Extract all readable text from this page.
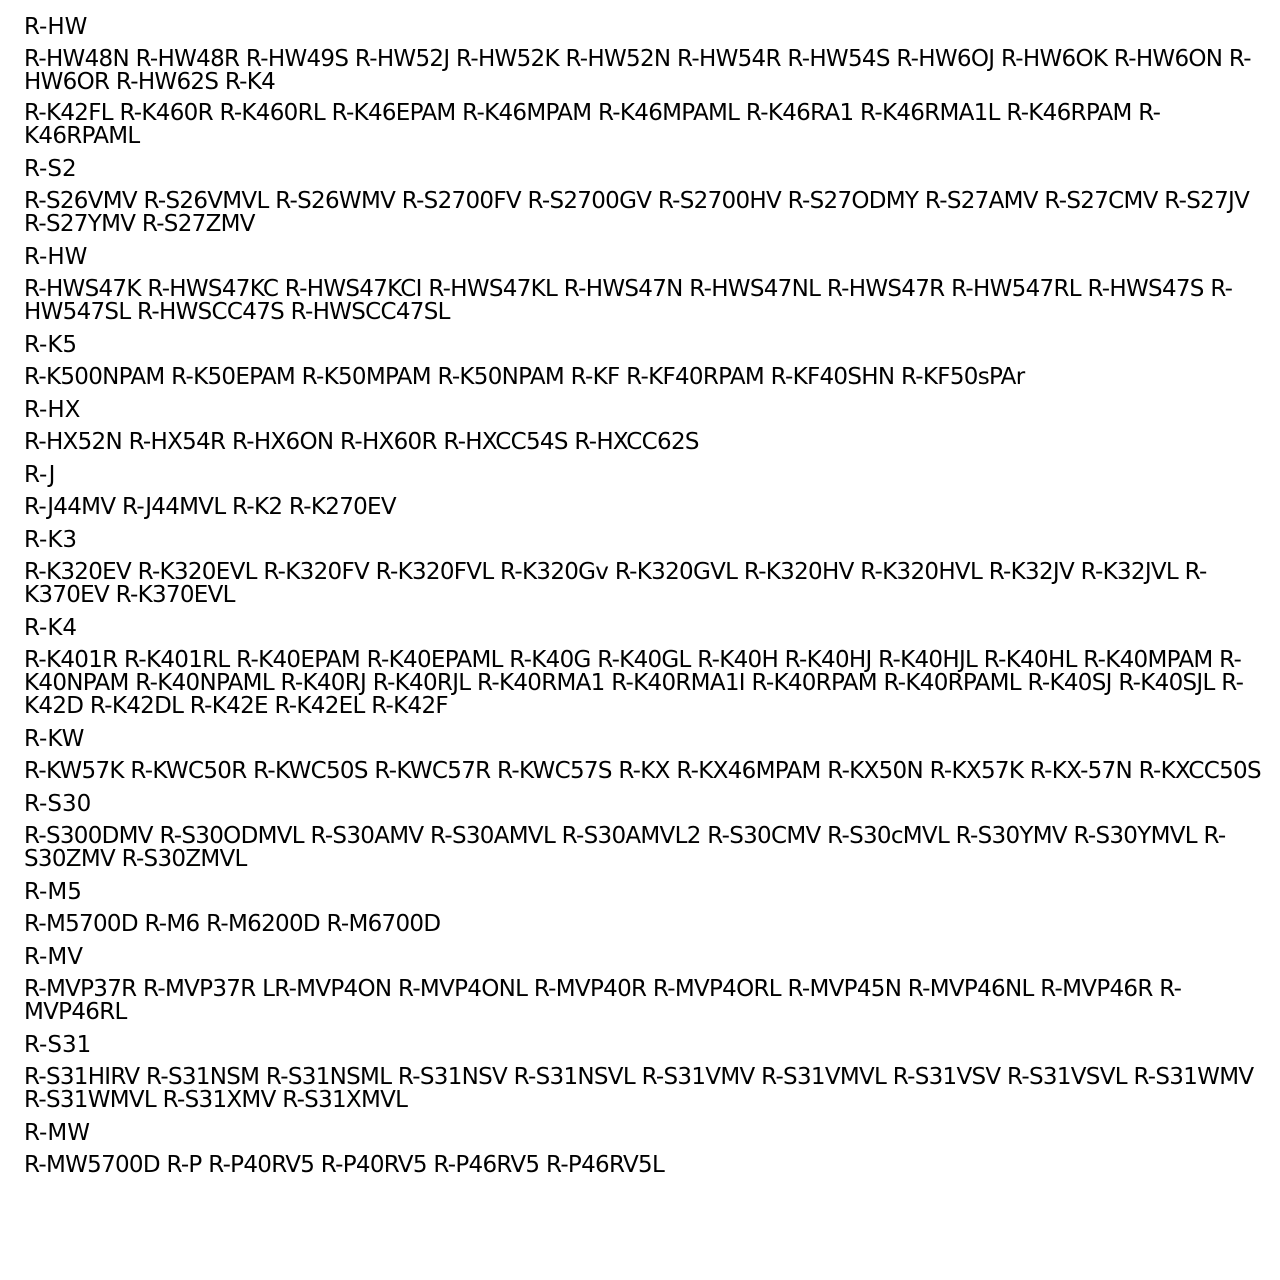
R-HW
R-HW48N R-HW48R R-HW49S R-HW52J R-HW52K R-HW52N R-HW54R R-HW54S R-HW6OJ R-HW6OK R-HW6ON R-HW6OR R-HW62S R-K4
R-K42FL R-K460R R-K460RL R-K46EPAM R-K46MPAM R-K46MPAML R-K46RA1 R-K46RMA1L R-K46RPAM R-K46RPAML
R-S2
R-S26VMV R-S26VMVL R-S26WMV R-S2700FV R-S2700GV R-S2700HV R-S27ODMY R-S27AMV R-S27CMV R-S27JV R-S27YMV R-S27ZMV
R-HW
R-HWS47K R-HWS47KC R-HWS47KCI R-HWS47KL R-HWS47N R-HWS47NL R-HWS47R R-HW547RL R-HWS47S R-HW547SL R-HWSCC47S R-HWSCC47SL
R-K5
R-K500NPAM R-K50EPAM R-K50MPAM R-K50NPAM R-KF R-KF40RPAM R-KF40SHN R-KF50sPAr
R-HX
R-HX52N R-HX54R R-HX6ON R-HX60R R-HXCC54S R-HXCC62S
R-J
R-J44MV R-J44MVL R-K2 R-K270EV
R-K3
R-K320EV R-K320EVL R-K320FV R-K320FVL R-K320Gv R-K320GVL R-K320HV R-K320HVL R-K32JV R-K32JVL R-K370EV R-K370EVL
R-K4
R-K401R R-K401RL R-K40EPAM R-K40EPAML R-K40G R-K40GL R-K40H R-K40HJ R-K40HJL R-K40HL R-K40MPAM R-K40NPAM R-K40NPAML R-K40RJ R-K40RJL R-K40RMA1 R-K40RMA1I R-K40RPAM R-K40RPAML R-K40SJ R-K40SJL R-K42D R-K42DL R-K42E R-K42EL R-K42F
R-KW
R-KW57K R-KWC50R R-KWC50S R-KWC57R R-KWC57S R-KX R-KX46MPAM R-KX50N R-KX57K R-KX-57N R-KXCC50S
R-S30
R-S300DMV R-S30ODMVL R-S30AMV R-S30AMVL R-S30AMVL2 R-S30CMV R-S30cMVL R-S30YMV R-S30YMVL R-S30ZMV R-S30ZMVL
R-M5
R-M5700D R-M6 R-M6200D R-M6700D
R-MV
R-MVP37R R-MVP37R LR-MVP4ON R-MVP4ONL R-MVP40R R-MVP4ORL R-MVP45N R-MVP46NL R-MVP46R R-MVP46RL
R-S31
R-S31HIRV R-S31NSM R-S31NSML R-S31NSV R-S31NSVL R-S31VMV R-S31VMVL R-S31VSV R-S31VSVL R-S31WMV R-S31WMVL R-S31XMV R-S31XMVL
R-MW
R-MW5700D R-P R-P40RV5 R-P40RV5 R-P46RV5 R-P46RV5L
